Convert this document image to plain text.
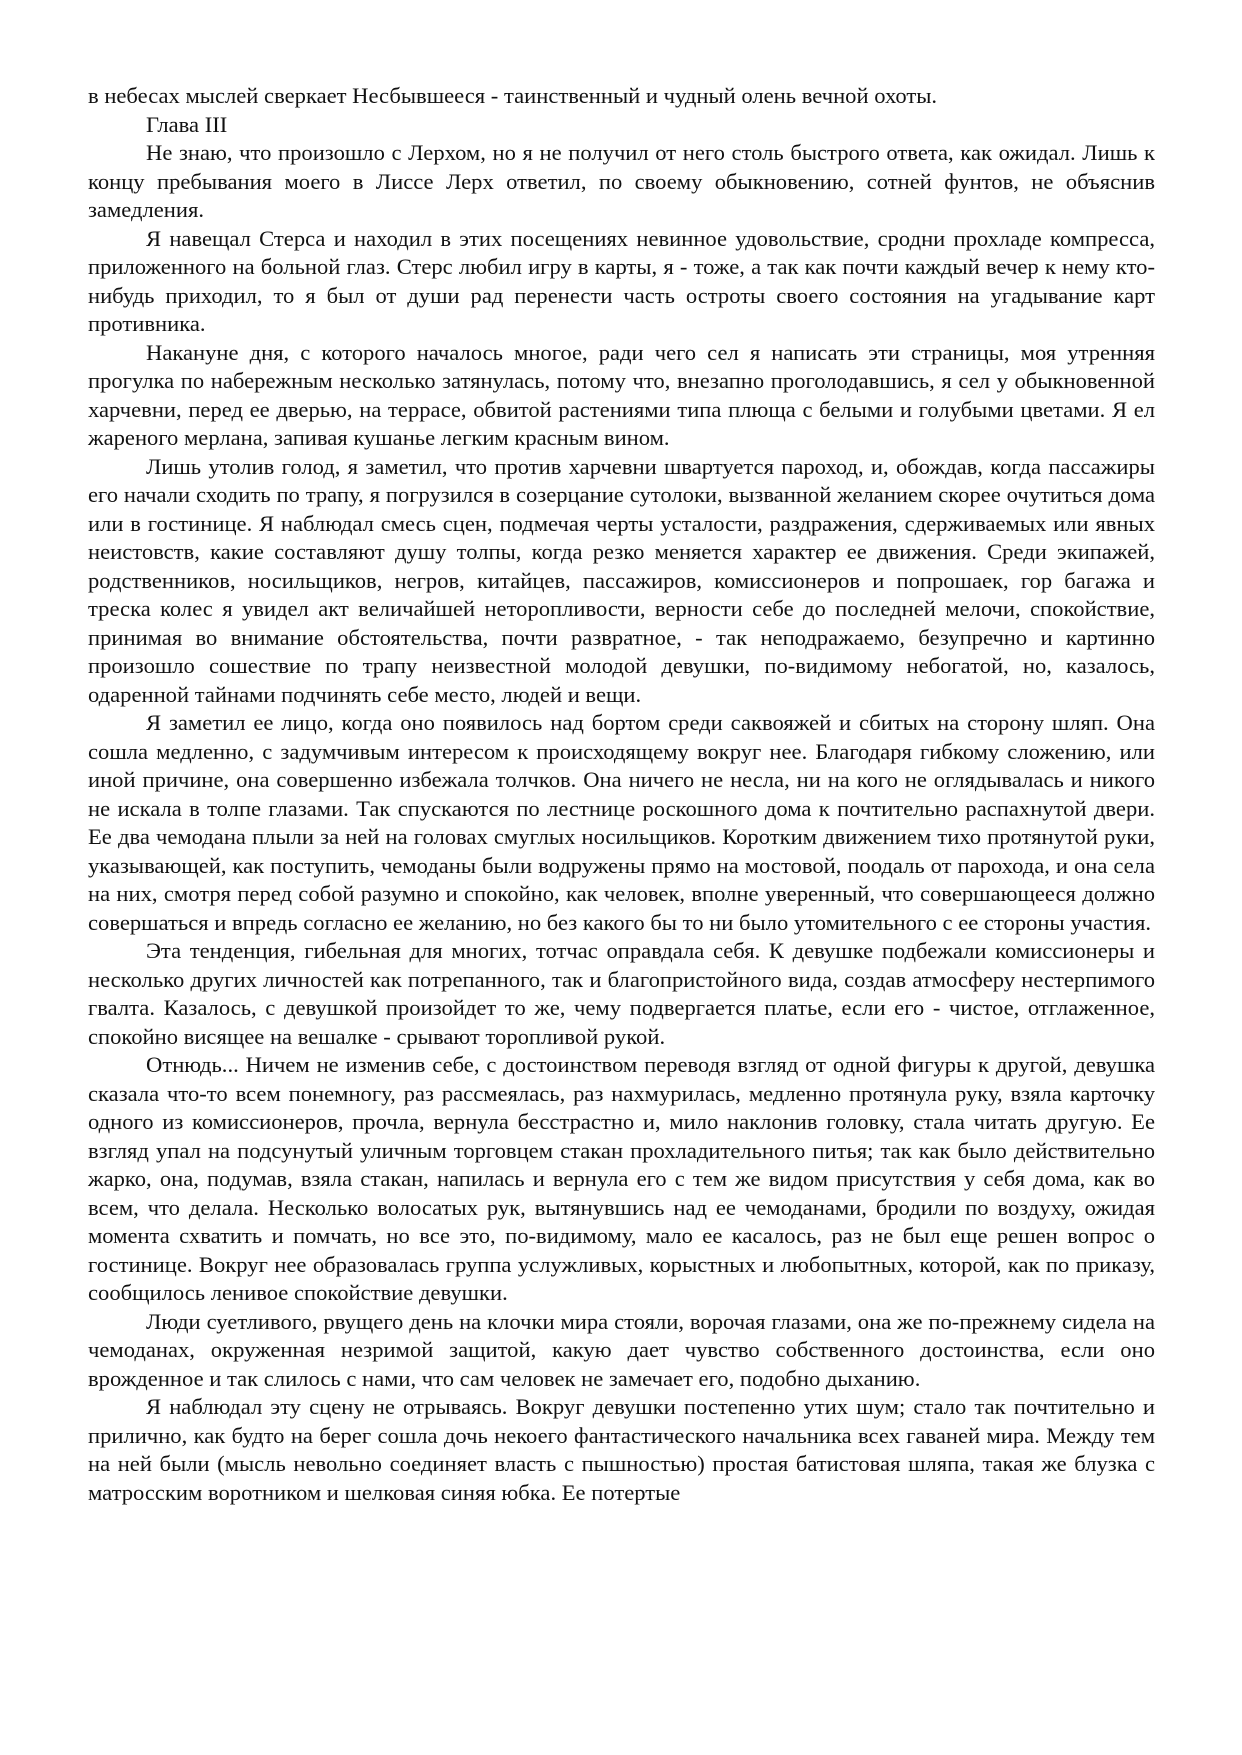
в небесах мыслей сверкает Несбывшееся - таинственный и чудный олень вечной охоты.

Глава III

Не знаю, что произошло с Лерхом, но я не получил от него столь быстрого ответа, как ожидал. Лишь к концу пребывания моего в Лиссе Лерх ответил, по своему обыкновению, сотней фунтов, не объяснив замедления.

Я навещал Стерса и находил в этих посещениях невинное удовольствие, сродни прохладе компресса, приложенного на больной глаз. Стерс любил игру в карты, я - тоже, а так как почти каждый вечер к нему кто-нибудь приходил, то я был от души рад перенести часть остроты своего состояния на угадывание карт противника.

Накануне дня, с которого началось многое, ради чего сел я написать эти страницы, моя утренняя прогулка по набережным несколько затянулась, потому что, внезапно проголодавшись, я сел у обыкновенной харчевни, перед ее дверью, на террасе, обвитой растениями типа плюща с белыми и голубыми цветами. Я ел жареного мерлана, запивая кушанье легким красным вином.

Лишь утолив голод, я заметил, что против харчевни швартуется пароход, и, обождав, когда пассажиры его начали сходить по трапу, я погрузился в созерцание сутолоки, вызванной желанием скорее очутиться дома или в гостинице. Я наблюдал смесь сцен, подмечая черты усталости, раздражения, сдерживаемых или явных неистовств, какие составляют душу толпы, когда резко меняется характер ее движения. Среди экипажей, родственников, носильщиков, негров, китайцев, пассажиров, комиссионеров и попрошаек, гор багажа и треска колес я увидел акт величайшей неторопливости, верности себе до последней мелочи, спокойствие, принимая во внимание обстоятельства, почти развратное, - так неподражаемо, безупречно и картинно произошло сошествие по трапу неизвестной молодой девушки, по-видимому небогатой, но, казалось, одаренной тайнами подчинять себе место, людей и вещи.

Я заметил ее лицо, когда оно появилось над бортом среди саквояжей и сбитых на сторону шляп. Она сошла медленно, с задумчивым интересом к происходящему вокруг нее. Благодаря гибкому сложению, или иной причине, она совершенно избежала толчков. Она ничего не несла, ни на кого не оглядывалась и никого не искала в толпе глазами. Так спускаются по лестнице роскошного дома к почтительно распахнутой двери. Ее два чемодана плыли за ней на головах смуглых носильщиков. Коротким движением тихо протянутой руки, указывающей, как поступить, чемоданы были водружены прямо на мостовой, поодаль от парохода, и она села на них, смотря перед собой разумно и спокойно, как человек, вполне уверенный, что совершающееся должно совершаться и впредь согласно ее желанию, но без какого бы то ни было утомительного с ее стороны участия.

Эта тенденция, гибельная для многих, тотчас оправдала себя. К девушке подбежали комиссионеры и несколько других личностей как потрепанного, так и благопристойного вида, создав атмосферу нестерпимого гвалта. Казалось, с девушкой произойдет то же, чему подвергается платье, если его - чистое, отглаженное, спокойно висящее на вешалке - срывают торопливой рукой.

Отнюдь... Ничем не изменив себе, с достоинством переводя взгляд от одной фигуры к другой, девушка сказала что-то всем понемногу, раз рассмеялась, раз нахмурилась, медленно протянула руку, взяла карточку одного из комиссионеров, прочла, вернула бесстрастно и, мило наклонив головку, стала читать другую. Ее взгляд упал на подсунутый уличным торговцем стакан прохладительного питья; так как было действительно жарко, она, подумав, взяла стакан, напилась и вернула его с тем же видом присутствия у себя дома, как во всем, что делала. Несколько волосатых рук, вытянувшись над ее чемоданами, бродили по воздуху, ожидая момента схватить и помчать, но все это, по-видимому, мало ее касалось, раз не был еще решен вопрос о гостинице. Вокруг нее образовалась группа услужливых, корыстных и любопытных, которой, как по приказу, сообщилось ленивое спокойствие девушки.

Люди суетливого, рвущего день на клочки мира стояли, ворочая глазами, она же по-прежнему сидела на чемоданах, окруженная незримой защитой, какую дает чувство собственного достоинства, если оно врожденное и так слилось с нами, что сам человек не замечает его, подобно дыханию.

Я наблюдал эту сцену не отрываясь. Вокруг девушки постепенно утих шум; стало так почтительно и прилично, как будто на берег сошла дочь некоего фантастического начальника всех гаваней мира. Между тем на ней были (мысль невольно соединяет власть с пышностью) простая батистовая шляпа, такая же блузка с матросским воротником и шелковая синяя юбка. Ее потертые
